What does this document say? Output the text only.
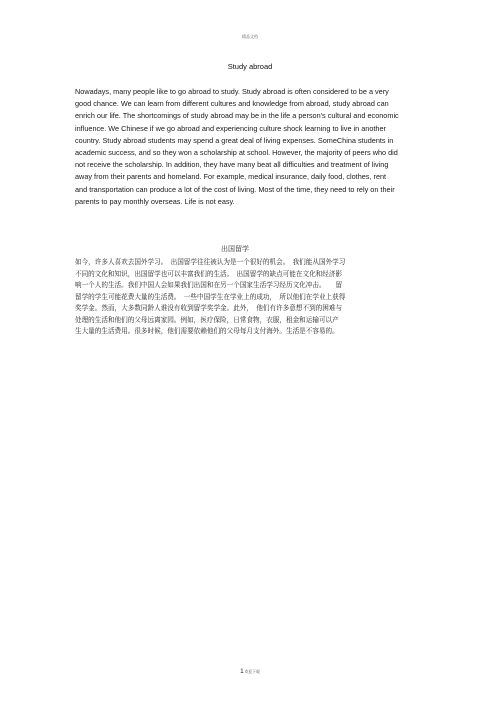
精品文档
Study abroad
Nowadays, many people like to go abroad to study. Study abroad is often considered to be a very
good chance. We can learn from different cultures and knowledge from abroad, study abroad can
enrich our life. The shortcomings of study abroad may be in the life a person's cultural and economic
influence. We Chinese if we go abroad and experiencing culture shock learning to live in another
country. Study abroad students may spend a great deal of living expenses. SomeChina students in
academic success, and so they won a scholarship at school. However, the majority of peers who did
not receive the scholarship. In addition, they have many beat all difficulties and treatment of living
away from their parents and homeland. For example, medical insurance, daily food, clothes, rent
and transportation can produce a lot of the cost of living. Most of the time, they need to rely on their
parents to pay monthly overseas. Life is not easy.
出国留学
如今，许多人喜欢去国外学习。　出国留学往往被认为是一个很好的机会。　我们能从国外学习
不同的文化和知识，出国留学也可以丰富我们的生活。　出国留学的缺点可能在文化和经济影
响一个人的生活。我们中国人会如果我们出国和在另一个国家生活学习经历文化冲击。　　留
留学的学生可能花费大量的生活费。　一些中国学生在学业上的成功，　所以他们在学业上获得
奖学金。然而，大多数同龄人谁没有收到留学奖学金。此外，　他们有许多意想不到的困难与
处理的生活和他们的父母远离家园。例如，医疗保险，日常食物，衣服，租金和运输可以产
生大量的生活费用。很多时候，他们需要依赖他们的父母每月支付海外。生活是不容易的。
1欢迎下载
